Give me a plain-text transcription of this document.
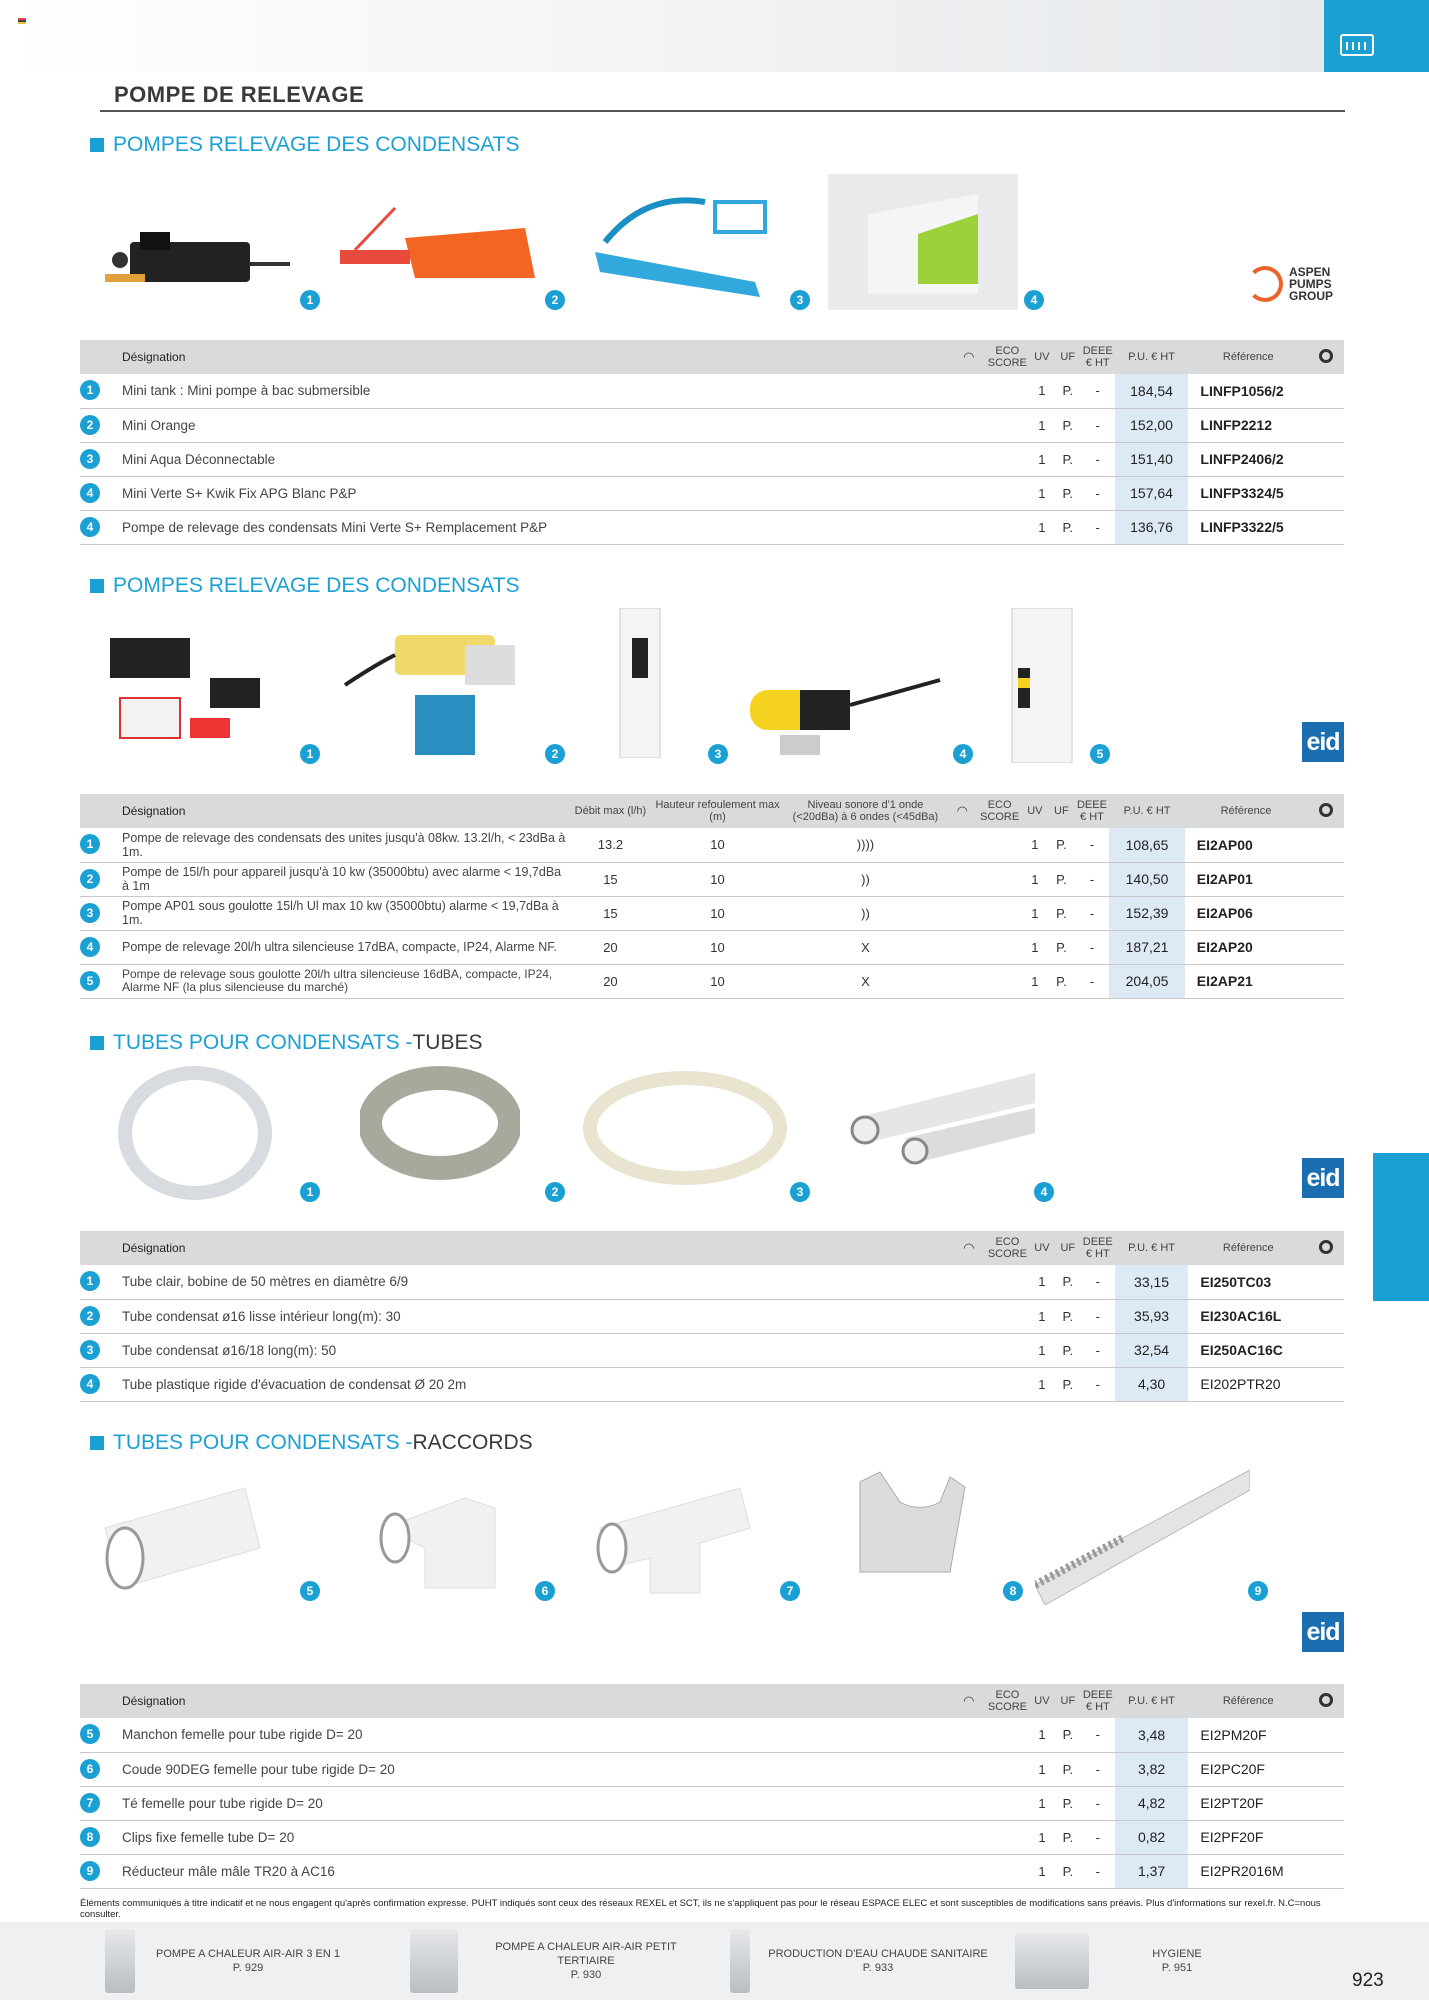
POMPE DE RELEVAGE
POMPES RELEVAGE DES CONDENSATS
1	2	3	4
ASPEN PUMPS GROUP
Désignation	◠	ECO SCORE	UV	UF	DEEE € HT	P.U. € HT	Référence	

1 Mini tank : Mini pompe à bac submersible			1	P.	-	184,54	LINFP1056/2	

2 Mini Orange			1	P.	-	152,00	LINFP2212	

3 Mini Aqua Déconnectable			1	P.	-	151,40	LINFP2406/2	

4 Mini Verte S+ Kwik Fix APG Blanc P&P			1	P.	-	157,64	LINFP3324/5	

4 Pompe de relevage des condensats Mini Verte S+ Remplacement P&P			1	P.	-	136,76	LINFP3322/5	
POMPES RELEVAGE DES CONDENSATS
1	2	3	4	5	eid
Désignation	Débit max (l/h)	Hauteur refoulement max (m)	Niveau sonore d'1 onde (<20dBa) à 6 ondes (<45dBa)	◠	ECO SCORE	UV	UF	DEEE € HT	P.U. € HT	Référence	

1 Pompe de relevage des condensats des unites jusqu'à 08kw. 13.2l/h, < 23dBa à 1m.	13.2	10	))))			1	P.	-	108,65	EI2AP00	

2 Pompe de 15l/h pour appareil jusqu'à 10 kw (35000btu) avec alarme < 19,7dBa à 1m	15	10	))			1	P.	-	140,50	EI2AP01	

3 Pompe AP01 sous goulotte 15l/h Ul max 10 kw (35000btu) alarme < 19,7dBa à 1m.	15	10	))			1	P.	-	152,39	EI2AP06	

4 Pompe de relevage 20l/h ultra silencieuse 17dBA, compacte, IP24, Alarme NF.	20	10	X			1	P.	-	187,21	EI2AP20	

5 Pompe de relevage sous goulotte 20l/h ultra silencieuse 16dBA, compacte, IP24, Alarme NF (la plus silencieuse du marché)	20	10	X			1	P.	-	204,05	EI2AP21	
TUBES POUR CONDENSATS - TUBES
1	2	3	4	eid
Désignation	◠	ECO SCORE	UV	UF	DEEE € HT	P.U. € HT	Référence	

1 Tube clair, bobine de 50 mètres en diamètre 6/9			1	P.	-	33,15	EI250TC03	

2 Tube condensat ø16 lisse intérieur long(m): 30			1	P.	-	35,93	EI230AC16L	

3 Tube condensat ø16/18 long(m): 50			1	P.	-	32,54	EI250AC16C	

4 Tube plastique rigide d'évacuation de condensat Ø 20 2m			1	P.	-	4,30	EI202PTR20	
TUBES POUR CONDENSATS - RACCORDS
5	6	7	8	9
eid
Désignation	◠	ECO SCORE	UV	UF	DEEE € HT	P.U. € HT	Référence	

5 Manchon femelle pour tube rigide D= 20			1	P.	-	3,48	EI2PM20F	

6 Coude 90DEG femelle pour tube rigide D= 20			1	P.	-	3,82	EI2PC20F	

7 Té femelle pour tube rigide D= 20			1	P.	-	4,82	EI2PT20F	

8 Clips fixe femelle tube D= 20			1	P.	-	0,82	EI2PF20F	

9 Réducteur mâle mâle TR20 à AC16			1	P.	-	1,37	EI2PR2016M	
Éléments communiqués à titre indicatif et ne nous engagent qu'après confirmation expresse. PUHT indiqués sont ceux des réseaux REXEL et SCT, ils ne s'appliquent pas pour le réseau ESPACE ELEC et sont susceptibles de modifications sans préavis. Plus d'informations sur rexel.fr. N.C=nous consulter.
POMPE A CHALEUR AIR-AIR 3 EN 1
P. 929
POMPE A CHALEUR AIR-AIR PETIT TERTIAIRE
P. 930
PRODUCTION D'EAU CHAUDE SANITAIRE
P. 933
HYGIENE
P. 951
923
